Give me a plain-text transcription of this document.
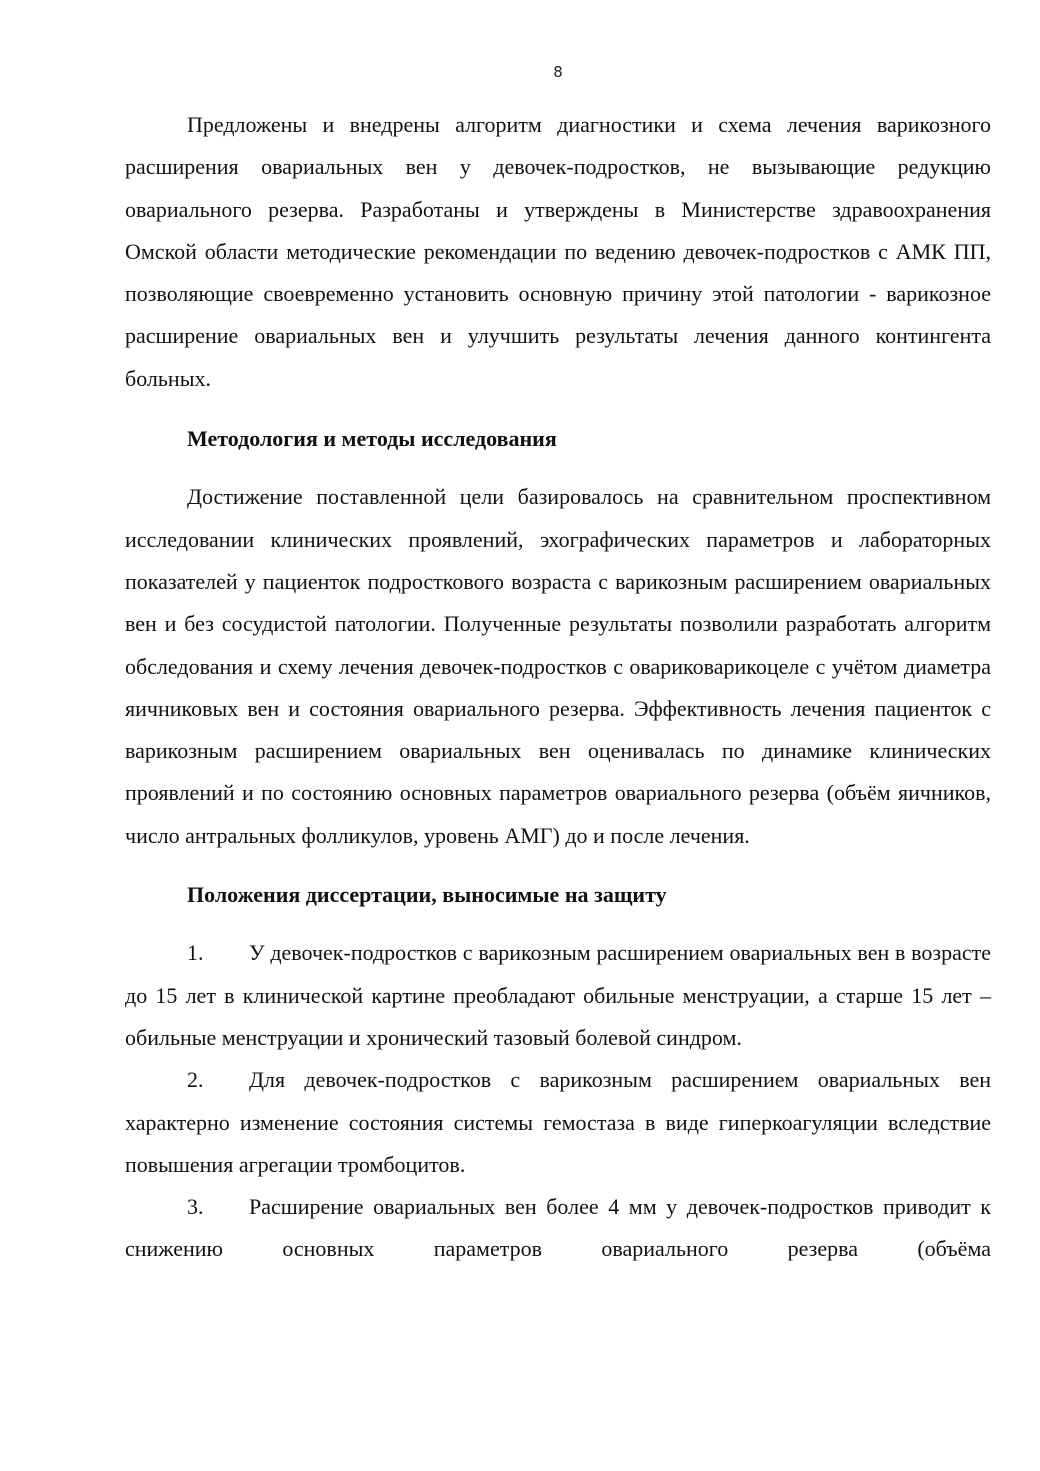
8

Предложены и внедрены алгоритм диагностики и схема лечения варикозного расширения овариальных вен у девочек-подростков, не вызывающие редукцию овариального резерва. Разработаны и утверждены в Министерстве здравоохранения Омской области методические рекомендации по ведению девочек-подростков с АМК ПП, позволяющие своевременно установить основную причину этой патологии - варикозное расширение овариальных вен и улучшить результаты лечения данного контингента больных.

Методология и методы исследования

Достижение поставленной цели базировалось на сравнительном проспективном исследовании клинических проявлений, эхографических параметров и лабораторных показателей у пациенток подросткового возраста с варикозным расширением овариальных вен и без сосудистой патологии. Полученные результаты позволили разработать алгоритм обследования и схему лечения девочек-подростков с овариковарикоцеле с учётом диаметра яичниковых вен и состояния овариального резерва. Эффективность лечения пациенток с варикозным расширением овариальных вен оценивалась по динамике клинических проявлений и по состоянию основных параметров овариального резерва (объём яичников, число антральных фолликулов, уровень АМГ) до и после лечения.

Положения диссертации, выносимые на защиту

1. У девочек-подростков с варикозным расширением овариальных вен в возрасте до 15 лет в клинической картине преобладают обильные менструации, а старше 15 лет – обильные менструации и хронический тазовый болевой синдром.

2. Для девочек-подростков с варикозным расширением овариальных вен характерно изменение состояния системы гемостаза в виде гиперкоагуляции вследствие повышения агрегации тромбоцитов.

3. Расширение овариальных вен более 4 мм у девочек-подростков приводит к снижению основных параметров овариального резерва (объёма
